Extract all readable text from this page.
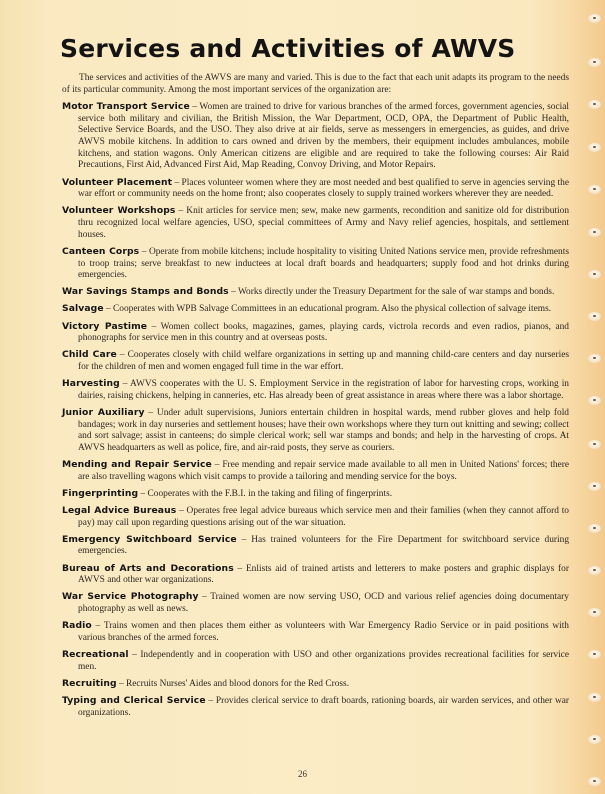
Services and Activities of AWVS

The services and activities of the AWVS are many and varied. This is due to the fact that each unit adapts its program to the needs of its particular community. Among the most important services of the organization are:

Motor Transport Service – Women are trained to drive for various branches of the armed forces, government agencies, social service both military and civilian, the British Mission, the War Department, OCD, OPA, the Department of Public Health, Selective Service Boards, and the USO. They also drive at air fields, serve as messengers in emergencies, as guides, and drive AWVS mobile kitchens. In addition to cars owned and driven by the members, their equipment includes ambulances, mobile kitchens, and station wagons. Only American citizens are eligible and are required to take the following courses: Air Raid Precautions, First Aid, Advanced First Aid, Map Reading, Convoy Driving, and Motor Repairs.

Volunteer Placement – Places volunteer women where they are most needed and best qualified to serve in agencies serving the war effort or community needs on the home front; also cooperates closely to supply trained workers wherever they are needed.

Volunteer Workshops – Knit articles for service men; sew, make new garments, recondition and sanitize old for distribution thru recognized local welfare agencies, USO, special committees of Army and Navy relief agencies, hospitals, and settlement houses.

Canteen Corps – Operate from mobile kitchens; include hospitality to visiting United Nations service men, provide refreshments to troop trains; serve breakfast to new inductees at local draft boards and headquarters; supply food and hot drinks during emergencies.

War Savings Stamps and Bonds – Works directly under the Treasury Department for the sale of war stamps and bonds.

Salvage – Cooperates with WPB Salvage Committees in an educational program. Also the physical collection of salvage items.

Victory Pastime – Women collect books, magazines, games, playing cards, victrola records and even radios, pianos, and phonographs for service men in this country and at overseas posts.

Child Care – Cooperates closely with child welfare organizations in setting up and manning child-care centers and day nurseries for the children of men and women engaged full time in the war effort.

Harvesting – AWVS cooperates with the U. S. Employment Service in the registration of labor for harvesting crops, working in dairies, raising chickens, helping in canneries, etc. Has already been of great assistance in areas where there was a labor shortage.

Junior Auxiliary – Under adult supervisions, Juniors entertain children in hospital wards, mend rubber gloves and help fold bandages; work in day nurseries and settlement houses; have their own workshops where they turn out knitting and sewing; collect and sort salvage; assist in canteens; do simple clerical work; sell war stamps and bonds; and help in the harvesting of crops. At AWVS headquarters as well as police, fire, and air-raid posts, they serve as couriers.

Mending and Repair Service – Free mending and repair service made available to all men in United Nations' forces; there are also travelling wagons which visit camps to provide a tailoring and mending service for the boys.

Fingerprinting – Cooperates with the F.B.I. in the taking and filing of fingerprints.

Legal Advice Bureaus – Operates free legal advice bureaus which service men and their families (when they cannot afford to pay) may call upon regarding questions arising out of the war situation.

Emergency Switchboard Service – Has trained volunteers for the Fire Department for switchboard service during emergencies.

Bureau of Arts and Decorations – Enlists aid of trained artists and letterers to make posters and graphic displays for AWVS and other war organizations.

War Service Photography – Trained women are now serving USO, OCD and various relief agencies doing documentary photography as well as news.

Radio – Trains women and then places them either as volunteers with War Emergency Radio Service or in paid positions with various branches of the armed forces.

Recreational – Independently and in cooperation with USO and other organizations provides recreational facilities for service men.

Recruiting – Recruits Nurses' Aides and blood donors for the Red Cross.

Typing and Clerical Service – Provides clerical service to draft boards, rationing boards, air warden services, and other war organizations.

26
